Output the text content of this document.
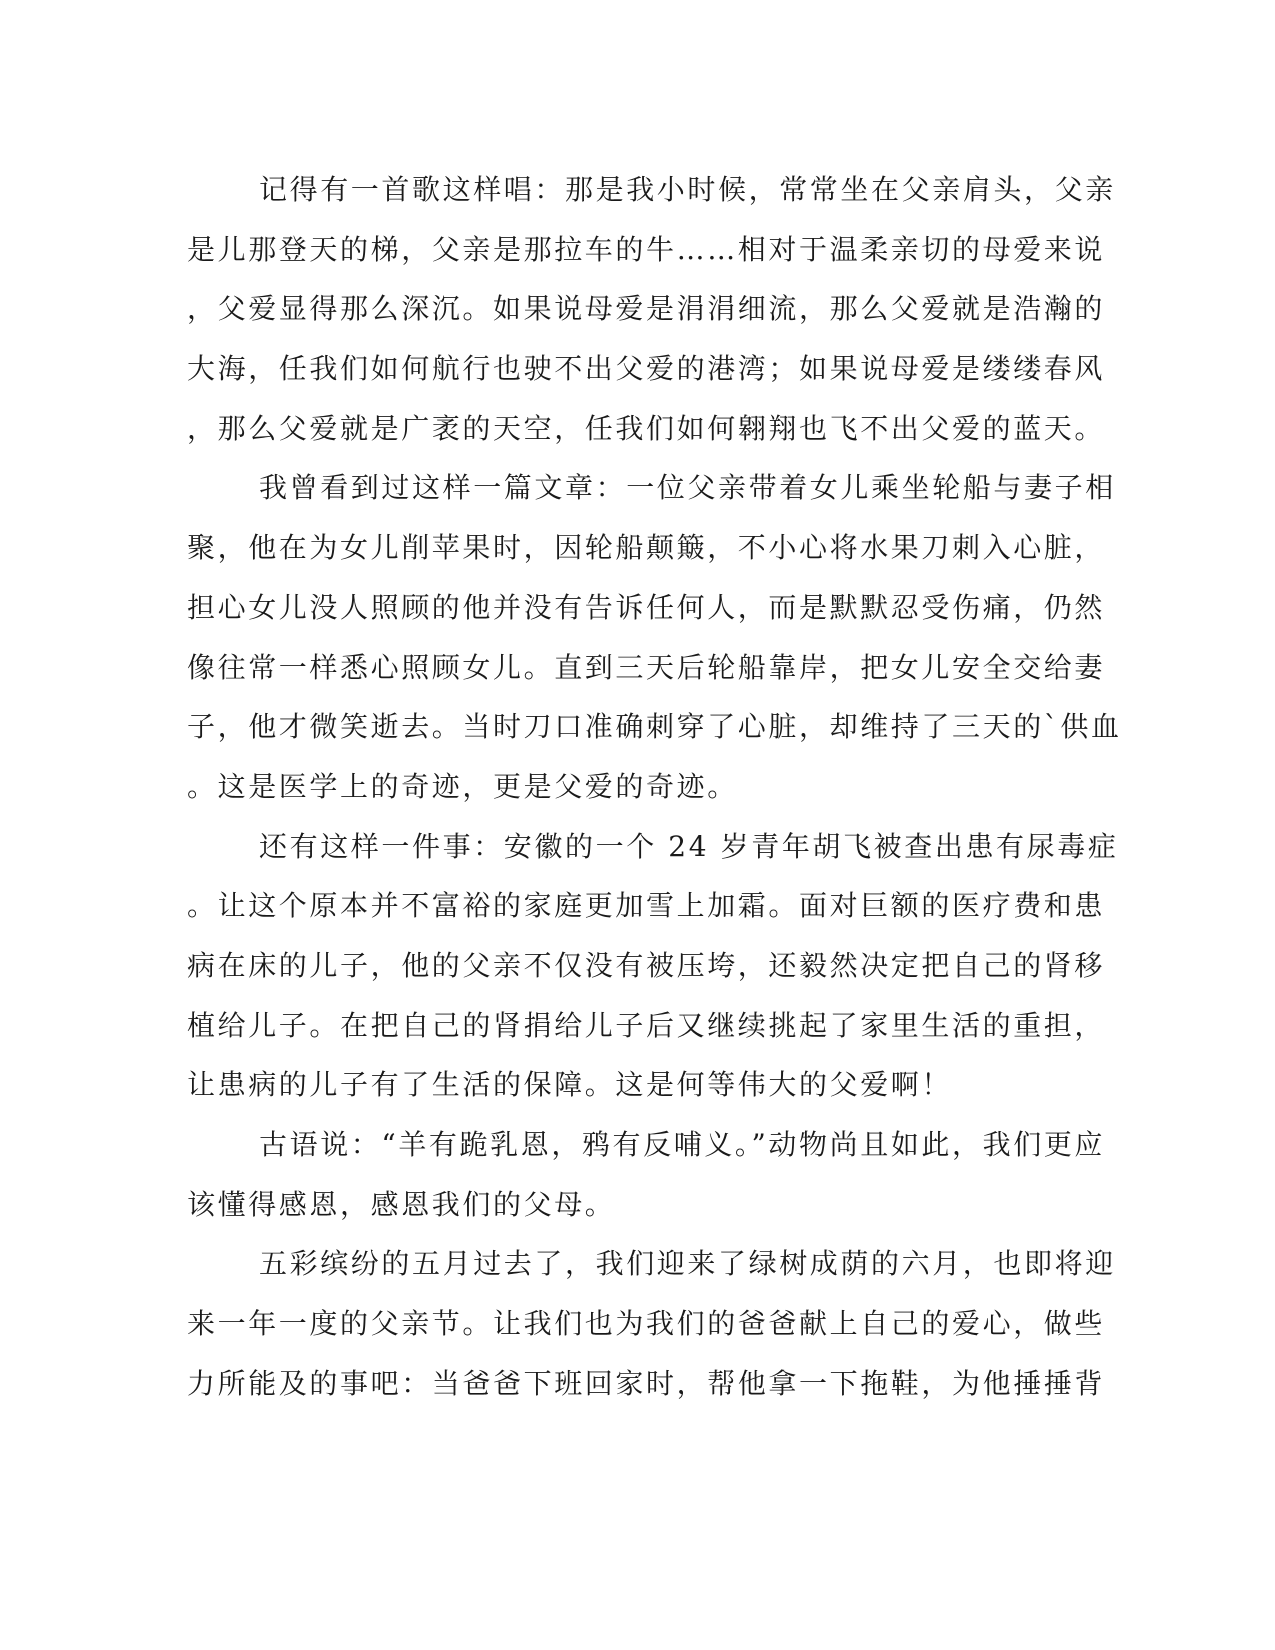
记得有一首歌这样唱：那是我小时候，常常坐在父亲肩头，父亲
是儿那登天的梯，父亲是那拉车的牛……相对于温柔亲切的母爱来说
，父爱显得那么深沉。如果说母爱是涓涓细流，那么父爱就是浩瀚的
大海，任我们如何航行也驶不出父爱的港湾；如果说母爱是缕缕春风
，那么父爱就是广袤的天空，任我们如何翱翔也飞不出父爱的蓝天。
我曾看到过这样一篇文章：一位父亲带着女儿乘坐轮船与妻子相
聚，他在为女儿削苹果时，因轮船颠簸，不小心将水果刀刺入心脏，
担心女儿没人照顾的他并没有告诉任何人，而是默默忍受伤痛，仍然
像往常一样悉心照顾女儿。直到三天后轮船靠岸，把女儿安全交给妻
子，他才微笑逝去。当时刀口准确刺穿了心脏，却维持了三天的`供血
。这是医学上的奇迹，更是父爱的奇迹。
还有这样一件事：安徽的一个 24 岁青年胡飞被查出患有尿毒症
。让这个原本并不富裕的家庭更加雪上加霜。面对巨额的医疗费和患
病在床的儿子，他的父亲不仅没有被压垮，还毅然决定把自己的肾移
植给儿子。在把自己的肾捐给儿子后又继续挑起了家里生活的重担，
让患病的儿子有了生活的保障。这是何等伟大的父爱啊！
古语说：“羊有跪乳恩，鸦有反哺义。”动物尚且如此，我们更应
该懂得感恩，感恩我们的父母。
五彩缤纷的五月过去了，我们迎来了绿树成荫的六月，也即将迎
来一年一度的父亲节。让我们也为我们的爸爸献上自己的爱心，做些
力所能及的事吧：当爸爸下班回家时，帮他拿一下拖鞋，为他捶捶背
